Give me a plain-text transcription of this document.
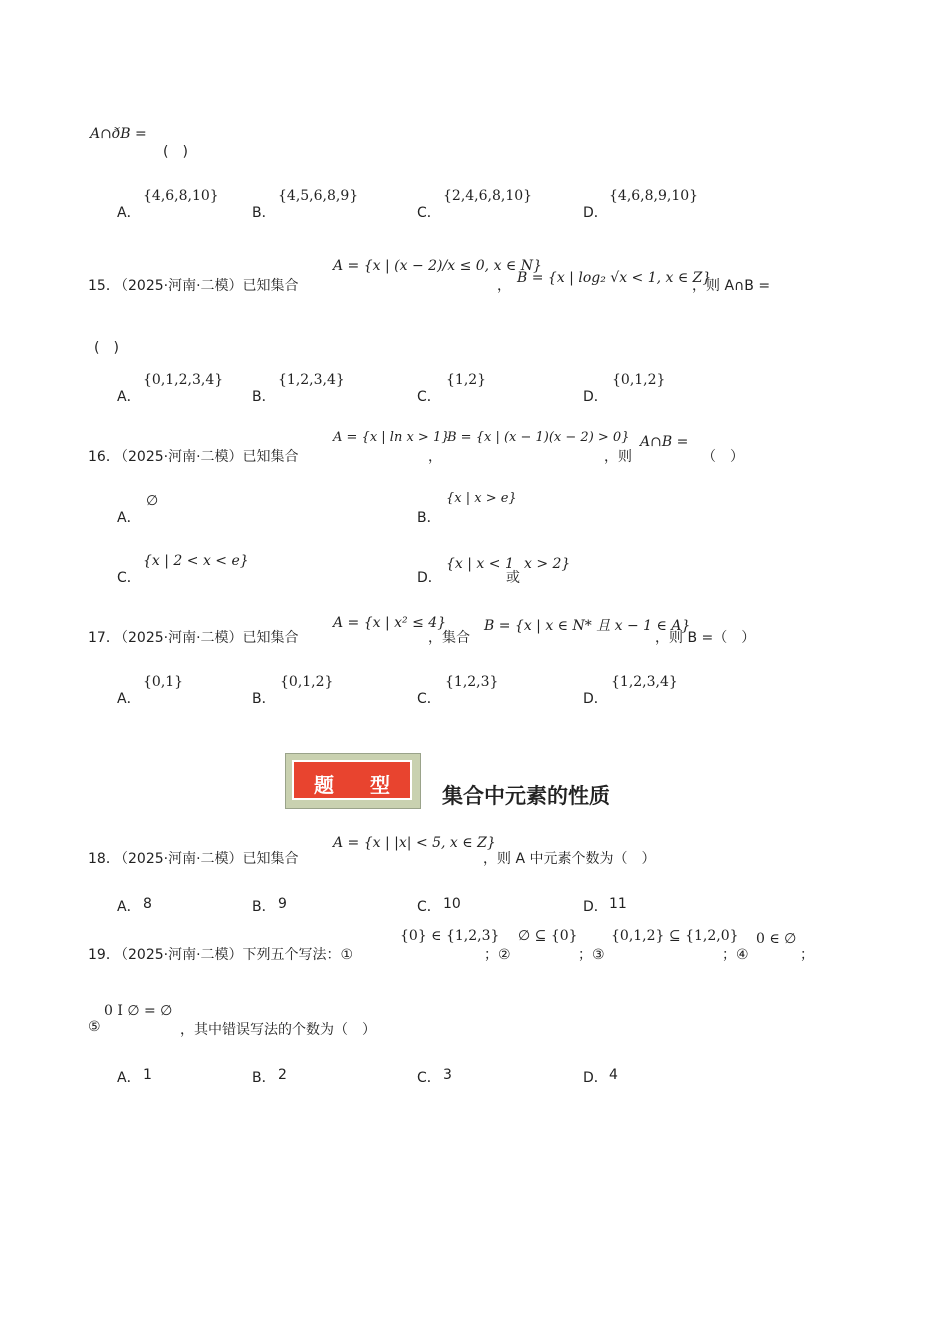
A∩ð⁠B =
(　)
A．
{4,6,8,10}
B．
{4,5,6,8,9}
C．
{2,4,6,8,10}
D．
{4,6,8,9,10}
15．
（2025·河南·二模）已知集合
A = {x | (x − 2)/x ≤ 0, x ∈ N}
， B = {x | log₂ √x < 1, x ∈ Z}
，则 A∩B =
(　)
A．
{0,1,2,3,4}
B．
{1,2,3,4}
C．
{1,2}
D．
{0,1,2}
16．
（2025·河南·二模）已知集合
A = {x | ln x > 1}
，
B = {x | (x − 1)(x − 2) > 0}
，则
A∩B =
（　）
A．
∅
B．
{x | x > e}
C．
{x | 2 < x < e}
D．
{x | x < 1
或
x > 2}
17．
（2025·河南·二模）已知集合
A = {x | x² ≤ 4}
，集合
B = {x | x ∈ N* 且 x − 1 ∈ A}
，则 B =（　）
A．
{0,1}
B．
{0,1,2}
C．
{1,2,3}
D．
{1,2,3,4}
题 型 集合中元素的性质
18．
（2025·河南·二模）已知集合
A = {x | |x| < 5, x ∈ Z}
，则 A 中元素个数为（　）
A． 8	B． 9	C． 10	D． 11
19．
（2025·河南·二模）下列五个写法：①
{0} ∈ {1,2,3}
；②
∅ ⊆ {0}
；③
{0,1,2} ⊆ {1,2,0}
；④
0 ∈ ∅
；
⑤
0 I ∅ = ∅
，其中错误写法的个数为（　）
A． 1	B． 2	C． 3	D． 4
